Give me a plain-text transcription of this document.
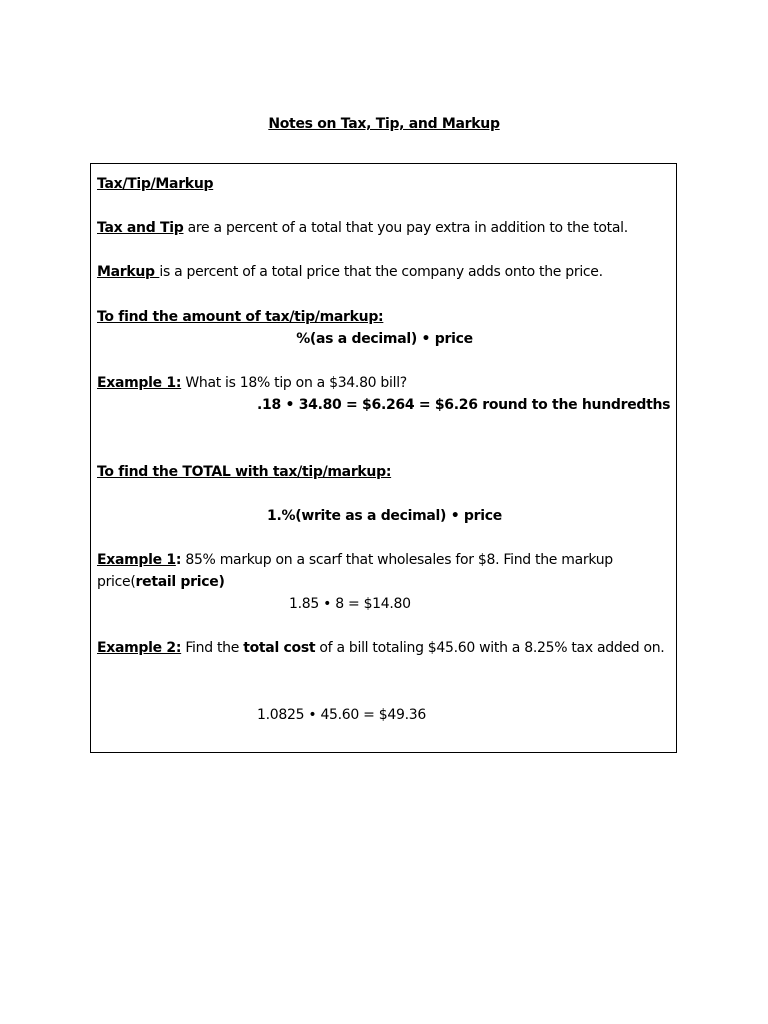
Notes on Tax, Tip, and Markup
Tax/Tip/Markup
Tax and Tip are a percent of a total that you pay extra in addition to the total.
Markup is a percent of a total price that the company adds onto the price.
To find the amount of tax/tip/markup:
%(as a decimal) • price
Example 1: What is 18% tip on a $34.80 bill?
.18 • 34.80 = $6.264 = $6.26 round to the hundredths
To find the TOTAL with tax/tip/markup:
1.%(write as a decimal) • price
Example 1: 85% markup on a scarf that wholesales for $8. Find the markup price(retail price)
1.85 • 8 = $14.80
Example 2: Find the total cost of a bill totaling $45.60 with a 8.25% tax added on.
1.0825 • 45.60 = $49.36
